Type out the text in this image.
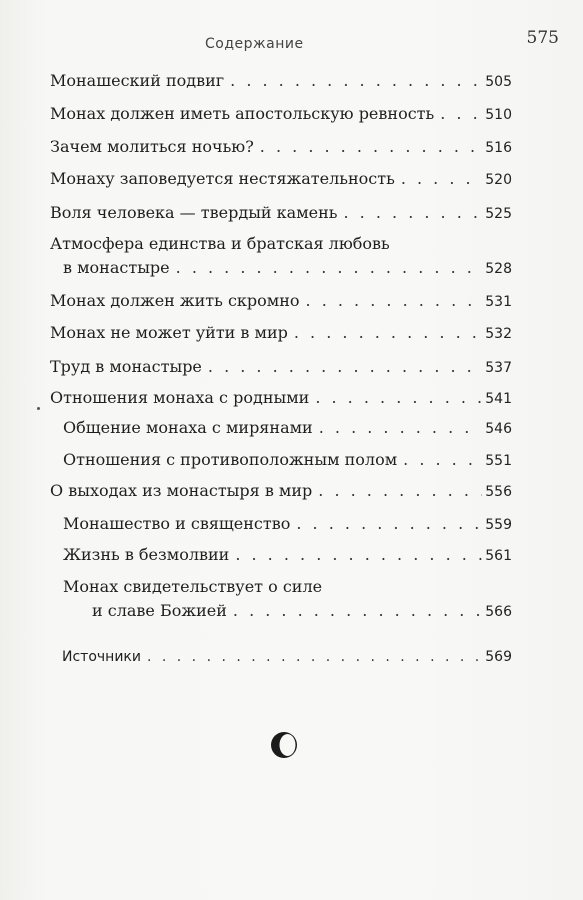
Содержание	575
Монашеский подвиг . . .	505
Монах должен иметь апостольскую ревность . . .	510
Зачем молиться ночью? . . .	516
Монаху заповедуется нестяжательность . . .	520
Воля человека — твердый камень . . .	525
Атмосфера единства и братская любовь
в монастыре . . .	528
Монах должен жить скромно . . .	531
Монах не может уйти в мир . . .	532
Труд в монастыре . . .	537
Отношения монаха с родными . . .	541
Общение монаха с мирянами . . .	546
Отношения с противоположным полом . . .	551
О выходах из монастыря в мир . . .	556
Монашество и священство . . .	559
Жизнь в безмолвии . . .	561
Монах свидетельствует о силе
и славе Божией . . .	566
Источники . . .	569
